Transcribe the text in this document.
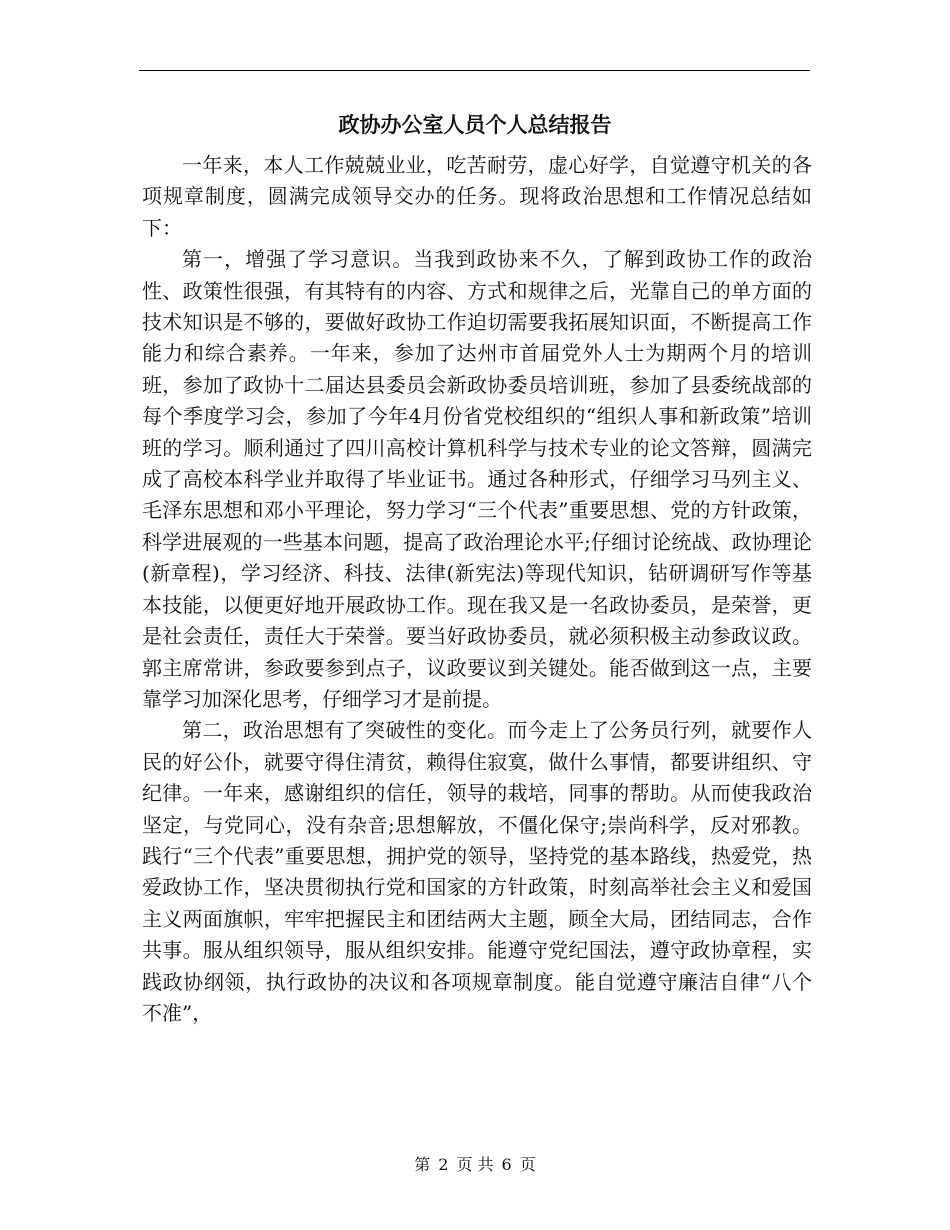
政协办公室人员个人总结报告

一年来，本人工作兢兢业业，吃苦耐劳，虚心好学，自觉遵守机关的各项规章制度，圆满完成领导交办的任务。现将政治思想和工作情况总结如下：

第一，增强了学习意识。当我到政协来不久，了解到政协工作的政治性、政策性很强，有其特有的内容、方式和规律之后，光靠自己的单方面的技术知识是不够的，要做好政协工作迫切需要我拓展知识面，不断提高工作能力和综合素养。一年来，参加了达州市首届党外人士为期两个月的培训班，参加了政协十二届达县委员会新政协委员培训班，参加了县委统战部的每个季度学习会，参加了今年4月份省党校组织的“组织人事和新政策”培训班的学习。顺利通过了四川高校计算机科学与技术专业的论文答辩，圆满完成了高校本科学业并取得了毕业证书。通过各种形式，仔细学习马列主义、毛泽东思想和邓小平理论，努力学习“三个代表”重要思想、党的方针政策，科学进展观的一些基本问题，提高了政治理论水平;仔细讨论统战、政协理论(新章程)，学习经济、科技、法律(新宪法)等现代知识，钻研调研写作等基本技能，以便更好地开展政协工作。现在我又是一名政协委员，是荣誉，更是社会责任，责任大于荣誉。要当好政协委员，就必须积极主动参政议政。郭主席常讲，参政要参到点子，议政要议到关键处。能否做到这一点，主要靠学习加深化思考，仔细学习才是前提。

第二，政治思想有了突破性的变化。而今走上了公务员行列，就要作人民的好公仆，就要守得住清贫，赖得住寂寞，做什么事情，都要讲组织、守纪律。一年来，感谢组织的信任，领导的栽培，同事的帮助。从而使我政治坚定，与党同心，没有杂音;思想解放，不僵化保守;崇尚科学，反对邪教。践行“三个代表”重要思想，拥护党的领导，坚持党的基本路线，热爱党，热爱政协工作，坚决贯彻执行党和国家的方针政策，时刻高举社会主义和爱国主义两面旗帜，牢牢把握民主和团结两大主题，顾全大局，团结同志，合作共事。服从组织领导，服从组织安排。能遵守党纪国法，遵守政协章程，实践政协纲领，执行政协的决议和各项规章制度。能自觉遵守廉洁自律“八个不准”，

第 2 页 共 6 页
